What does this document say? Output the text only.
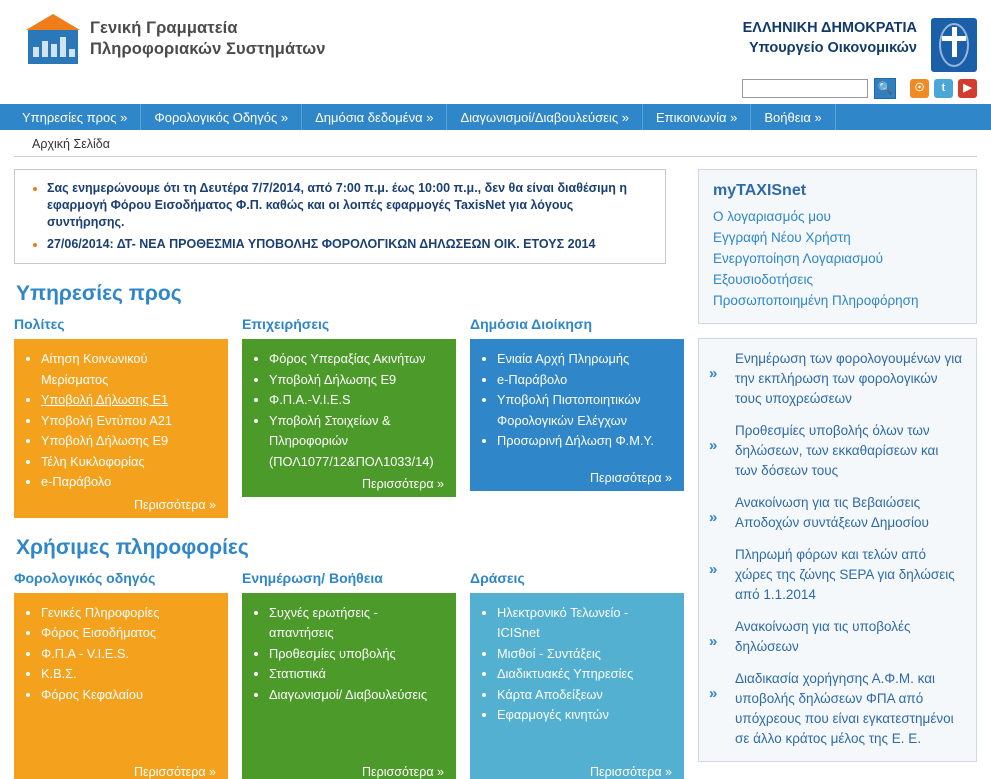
Γενική Γραμματεία
Πληροφοριακών Συστημάτων
ΕΛΛΗΝΙΚΗ ΔΗΜΟΚΡΑΤΙΑ
Υπουργείο Οικονομικών
🔍	☉	t	▶
Υπηρεσίες προς »	Φορολογικός Οδηγός »	Δημόσια δεδομένα »	Διαγωνισμοί/Διαβουλεύσεις »	Επικοινωνία »	Βοήθεια »
Αρχική Σελίδα
• Σας ενημερώνουμε ότι τη Δευτέρα 7/7/2014, από 7:00 π.μ. έως 10:00 π.μ., δεν θα είναι διαθέσιμη η εφαρμογή Φόρου Εισοδήματος Φ.Π. καθώς και οι λοιπές εφαρμογές TaxisNet για λόγους συντήρησης.
• 27/06/2014: ΔΤ- ΝΕΑ ΠΡΟΘΕΣΜΙΑ ΥΠΟΒΟΛΗΣ ΦΟΡΟΛΟΓΙΚΩΝ ΔΗΛΩΣΕΩΝ ΟΙΚ. ΕΤΟΥΣ 2014
Υπηρεσίες προς
Πολίτες
• Αίτηση Κοινωνικού Μερίσματος
• Υποβολή Δήλωσης Ε1
• Υποβολή Εντύπου Α21
• Υποβολή Δήλωσης Ε9
• Τέλη Κυκλοφορίας
• e-Παράβολο
Περισσότερα »
Επιχειρήσεις
• Φόρος Υπεραξίας Ακινήτων
• Υποβολή Δήλωσης Ε9
• Φ.Π.Α.-V.I.E.S
• Υποβολή Στοιχείων & Πληροφοριών (ΠΟΛ1077/12&ΠΟΛ1033/14)
Περισσότερα »
Δημόσια Διοίκηση
• Ενιαία Αρχή Πληρωμής
• e-Παράβολο
• Υποβολή Πιστοποιητικών Φορολογικών Ελέγχων
• Προσωρινή Δήλωση Φ.Μ.Υ.
Περισσότερα »
Χρήσιμες πληροφορίες
Φορολογικός οδηγός
• Γενικές Πληροφορίες
• Φόρος Εισοδήματος
• Φ.Π.Α - V.I.E.S.
• Κ.Β.Σ.
• Φόρος Κεφαλαίου
Περισσότερα »
Ενημέρωση/ Βοήθεια
• Συχνές ερωτήσεις - απαντήσεις
• Προθεσμίες υποβολής
• Στατιστικά
• Διαγωνισμοί/ Διαβουλεύσεις
Περισσότερα »
Δράσεις
• Ηλεκτρονικό Τελωνείο - ICISnet
• Μισθοί - Συντάξεις
• Διαδικτυακές Υπηρεσίες
• Κάρτα Αποδείξεων
• Εφαρμογές κινητών
Περισσότερα »
myTAXISnet
Ο λογαριασμός μου
Εγγραφή Νέου Χρήστη
Ενεργοποίηση Λογαριασμού
Εξουσιοδοτήσεις
Προσωποποιημένη Πληροφόρηση
»
Ενημέρωση των φορολογουμένων για την εκπλήρωση των φορολογικών τους υποχρεώσεων
»
Προθεσμίες υποβολής όλων των δηλώσεων, των εκκαθαρίσεων και των δόσεων τους
»
Ανακοίνωση για τις Βεβαιώσεις Αποδοχών συντάξεων Δημοσίου
»
Πληρωμή φόρων και τελών από χώρες της ζώνης SEPA για δηλώσεις από 1.1.2014
»
Ανακοίνωση για τις υποβολές δηλώσεων
»
Διαδικασία χορήγησης Α.Φ.Μ. και υποβολής δηλώσεων ΦΠΑ από υπόχρεους που είναι εγκατεστημένοι σε άλλο κράτος μέλος της Ε. Ε.
